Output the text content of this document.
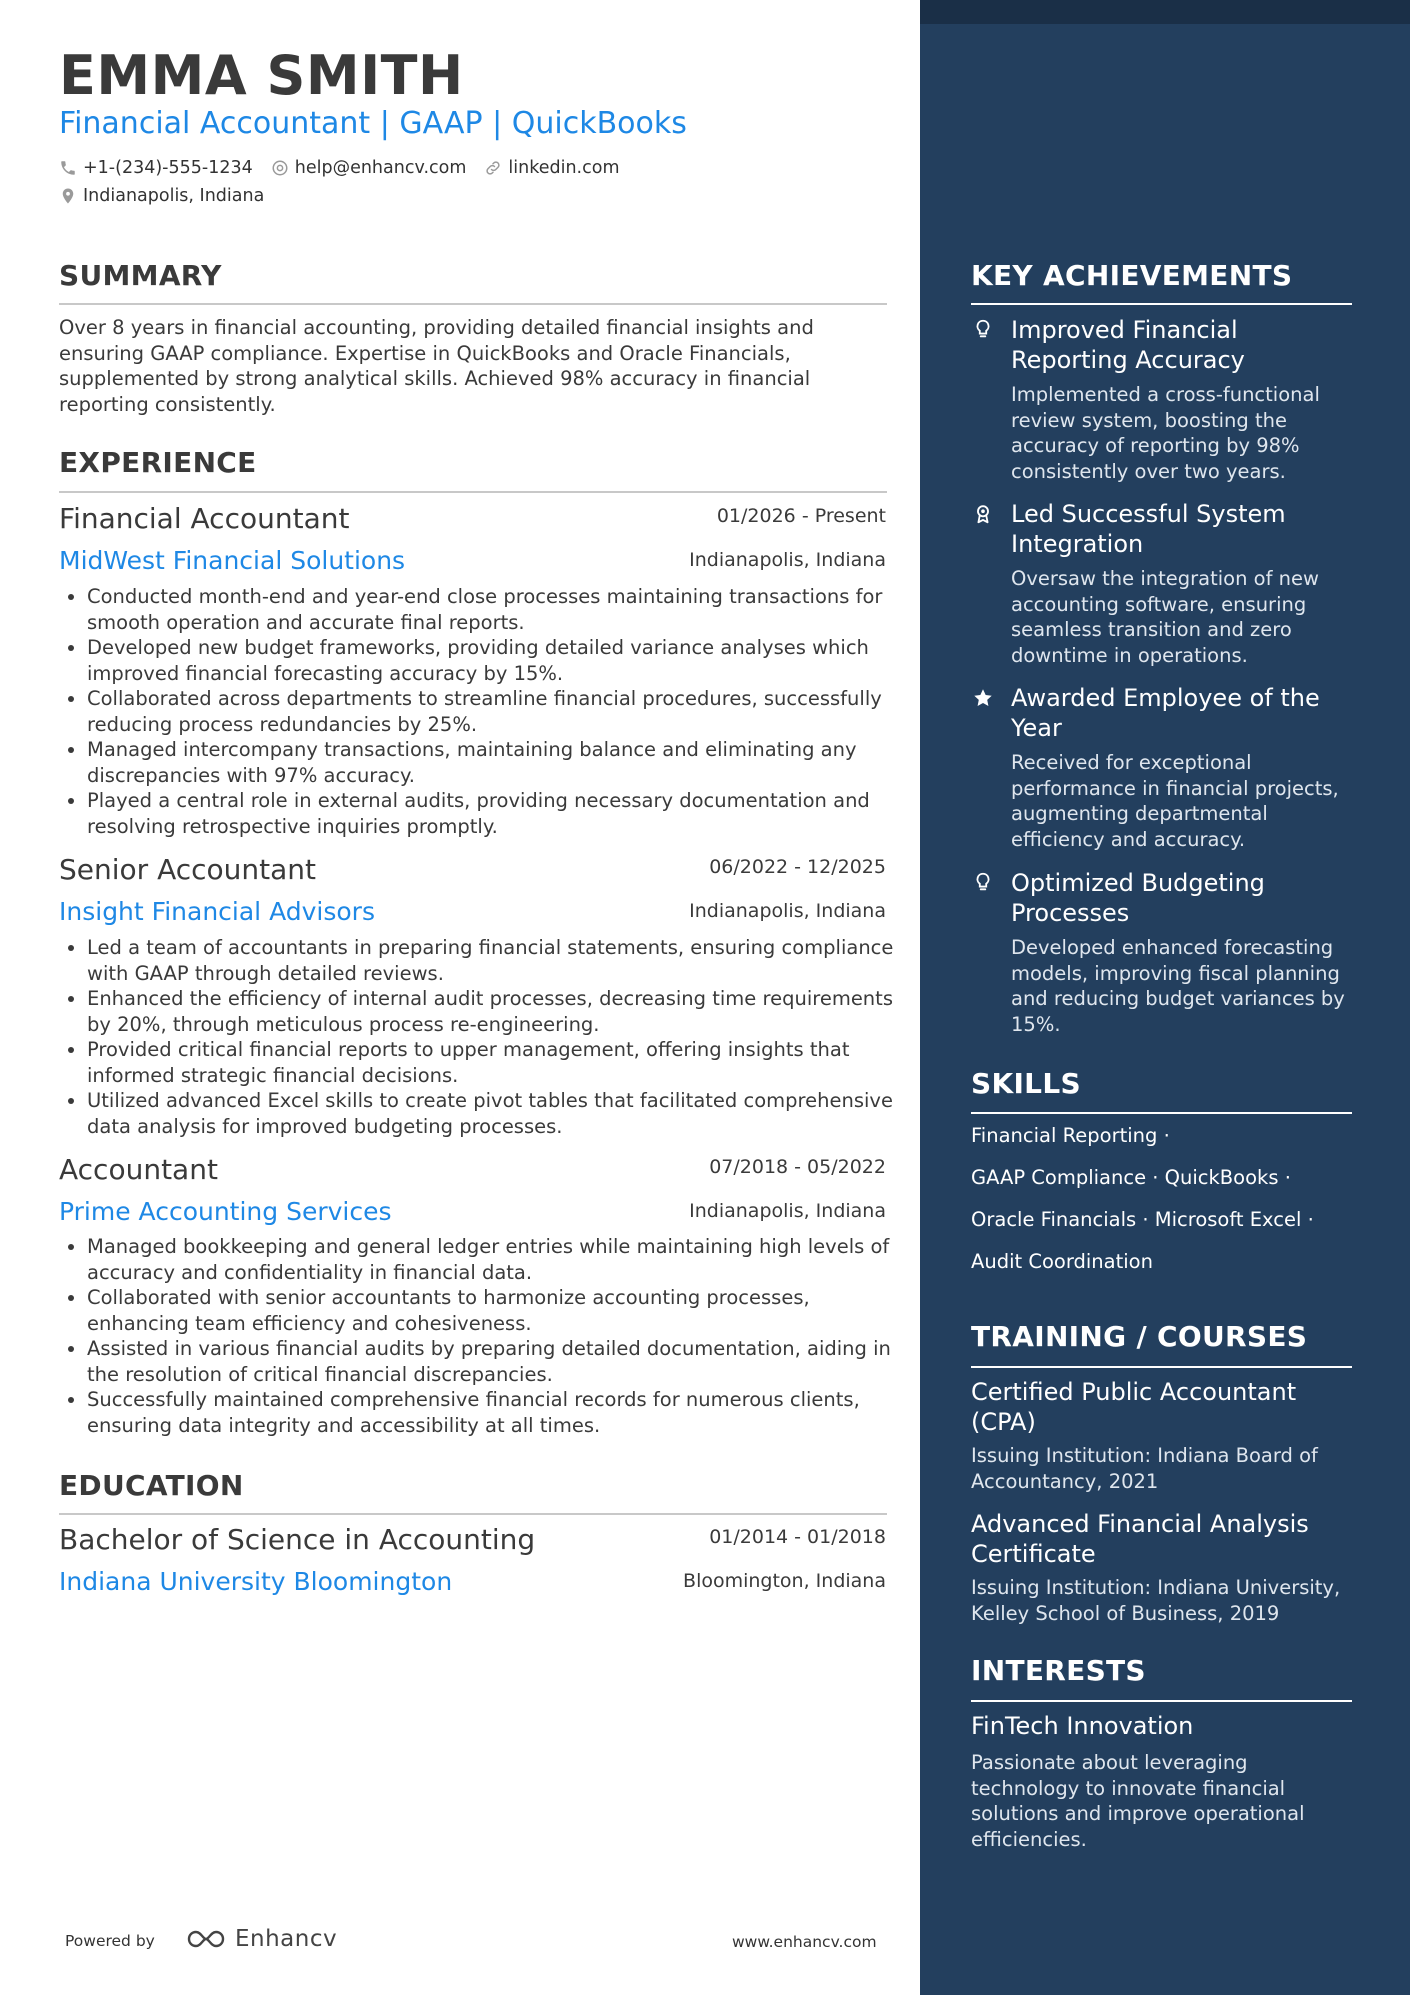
EMMA SMITH
Financial Accountant | GAAP | QuickBooks
+1-(234)-555-1234 help@enhancv.com linkedin.com
Indianapolis, Indiana
SUMMARY

Over 8 years in financial accounting, providing detailed financial insights and ensuring GAAP compliance. Expertise in QuickBooks and Oracle Financials, supplemented by strong analytical skills. Achieved 98% accuracy in financial reporting consistently.

EXPERIENCE
Financial Accountant	01/2026 - Present
MidWest Financial Solutions	Indianapolis, Indiana
• Conducted month-end and year-end close processes maintaining transactions for smooth operation and accurate final reports.
• Developed new budget frameworks, providing detailed variance analyses which improved financial forecasting accuracy by 15%.
• Collaborated across departments to streamline financial procedures, successfully reducing process redundancies by 25%.
• Managed intercompany transactions, maintaining balance and eliminating any discrepancies with 97% accuracy.
• Played a central role in external audits, providing necessary documentation and resolving retrospective inquiries promptly.
Senior Accountant	06/2022 - 12/2025
Insight Financial Advisors	Indianapolis, Indiana
• Led a team of accountants in preparing financial statements, ensuring compliance with GAAP through detailed reviews.
• Enhanced the efficiency of internal audit processes, decreasing time requirements by 20%, through meticulous process re-engineering.
• Provided critical financial reports to upper management, offering insights that informed strategic financial decisions.
• Utilized advanced Excel skills to create pivot tables that facilitated comprehensive data analysis for improved budgeting processes.
Accountant	07/2018 - 05/2022
Prime Accounting Services	Indianapolis, Indiana
• Managed bookkeeping and general ledger entries while maintaining high levels of accuracy and confidentiality in financial data.
• Collaborated with senior accountants to harmonize accounting processes, enhancing team efficiency and cohesiveness.
• Assisted in various financial audits by preparing detailed documentation, aiding in the resolution of critical financial discrepancies.
• Successfully maintained comprehensive financial records for numerous clients, ensuring data integrity and accessibility at all times.
EDUCATION
Bachelor of Science in Accounting	01/2014 - 01/2018
Indiana University Bloomington	Bloomington, Indiana
Powered by	Enhancv	www.enhancv.com
KEY ACHIEVEMENTS

Improved Financial Reporting Accuracy

Implemented a cross-functional review system, boosting the accuracy of reporting by 98% consistently over two years.

Led Successful System Integration

Oversaw the integration of new accounting software, ensuring seamless transition and zero downtime in operations.

Awarded Employee of the Year

Received for exceptional performance in financial projects, augmenting departmental efficiency and accuracy.

Optimized Budgeting Processes

Developed enhanced forecasting models, improving fiscal planning and reducing budget variances by 15%.

SKILLS
Financial Reporting ·
GAAP Compliance · QuickBooks ·
Oracle Financials · Microsoft Excel ·
Audit Coordination
TRAINING / COURSES

Certified Public Accountant (CPA)

Issuing Institution: Indiana Board of Accountancy, 2021

Advanced Financial Analysis Certificate

Issuing Institution: Indiana University, Kelley School of Business, 2019

INTERESTS

FinTech Innovation

Passionate about leveraging technology to innovate financial solutions and improve operational efficiencies.
